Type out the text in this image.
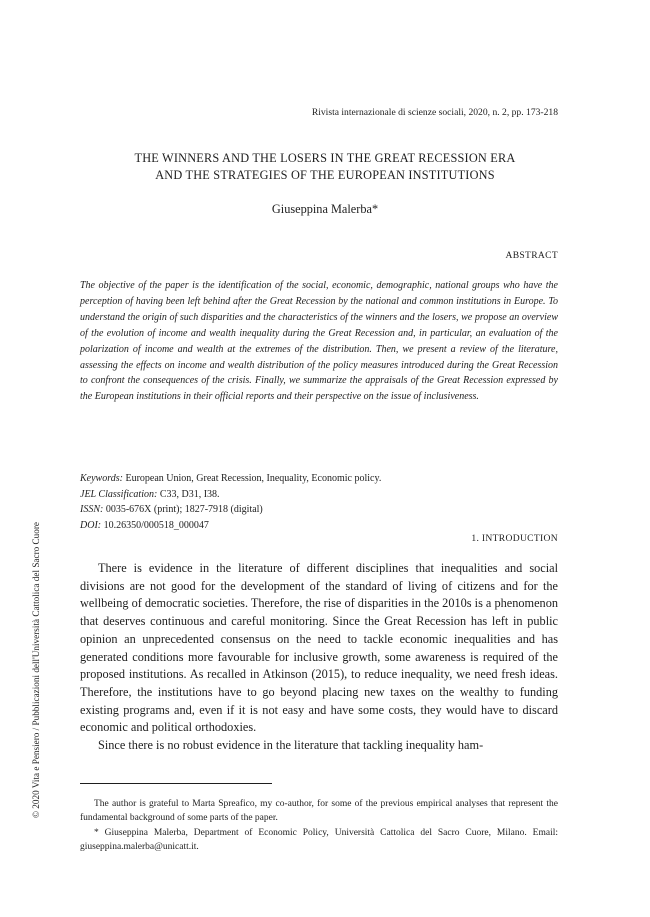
Rivista internazionale di scienze sociali, 2020, n. 2, pp. 173-218
THE WINNERS AND THE LOSERS IN THE GREAT RECESSION ERA
AND THE STRATEGIES OF THE EUROPEAN INSTITUTIONS
Giuseppina Malerba*
ABSTRACT

The objective of the paper is the identification of the social, economic, demographic, national groups who have the perception of having been left behind after the Great Recession by the national and common institutions in Europe. To understand the origin of such disparities and the characteristics of the winners and the losers, we propose an overview of the evolution of income and wealth inequality during the Great Recession and, in particular, an evaluation of the polarization of income and wealth at the extremes of the distribution. Then, we present a review of the literature, assessing the effects on income and wealth distribution of the policy measures introduced during the Great Recession to confront the consequences of the crisis. Finally, we summarize the appraisals of the Great Recession expressed by the European institutions in their official reports and their perspective on the issue of inclusiveness.

Keywords: European Union, Great Recession, Inequality, Economic policy.
JEL Classification: C33, D31, I38.
ISSN: 0035-676X (print); 1827-7918 (digital)
DOI: 10.26350/000518_000047
1. INTRODUCTION

There is evidence in the literature of different disciplines that inequalities and social divisions are not good for the development of the standard of living of citizens and for the wellbeing of democratic societies. Therefore, the rise of disparities in the 2010s is a phenomenon that deserves continuous and careful monitoring. Since the Great Recession has left in public opinion an unprecedented consensus on the need to tackle economic inequalities and has generated conditions more favourable for inclusive growth, some awareness is required of the proposed institutions. As recalled in Atkinson (2015), to reduce inequality, we need fresh ideas. Therefore, the institutions have to go beyond placing new taxes on the wealthy to funding existing programs and, even if it is not easy and have some costs, they would have to discard economic and political orthodoxies.

Since there is no robust evidence in the literature that tackling inequality ham-

The author is grateful to Marta Spreafico, my co-author, for some of the previous empirical analyses that represent the fundamental background of some parts of the paper.

* Giuseppina Malerba, Department of Economic Policy, Università Cattolica del Sacro Cuore, Milano. Email: giuseppina.malerba@unicatt.it.

© 2020 Vita e Pensiero / Pubblicazioni dell'Università Cattolica del Sacro Cuore
